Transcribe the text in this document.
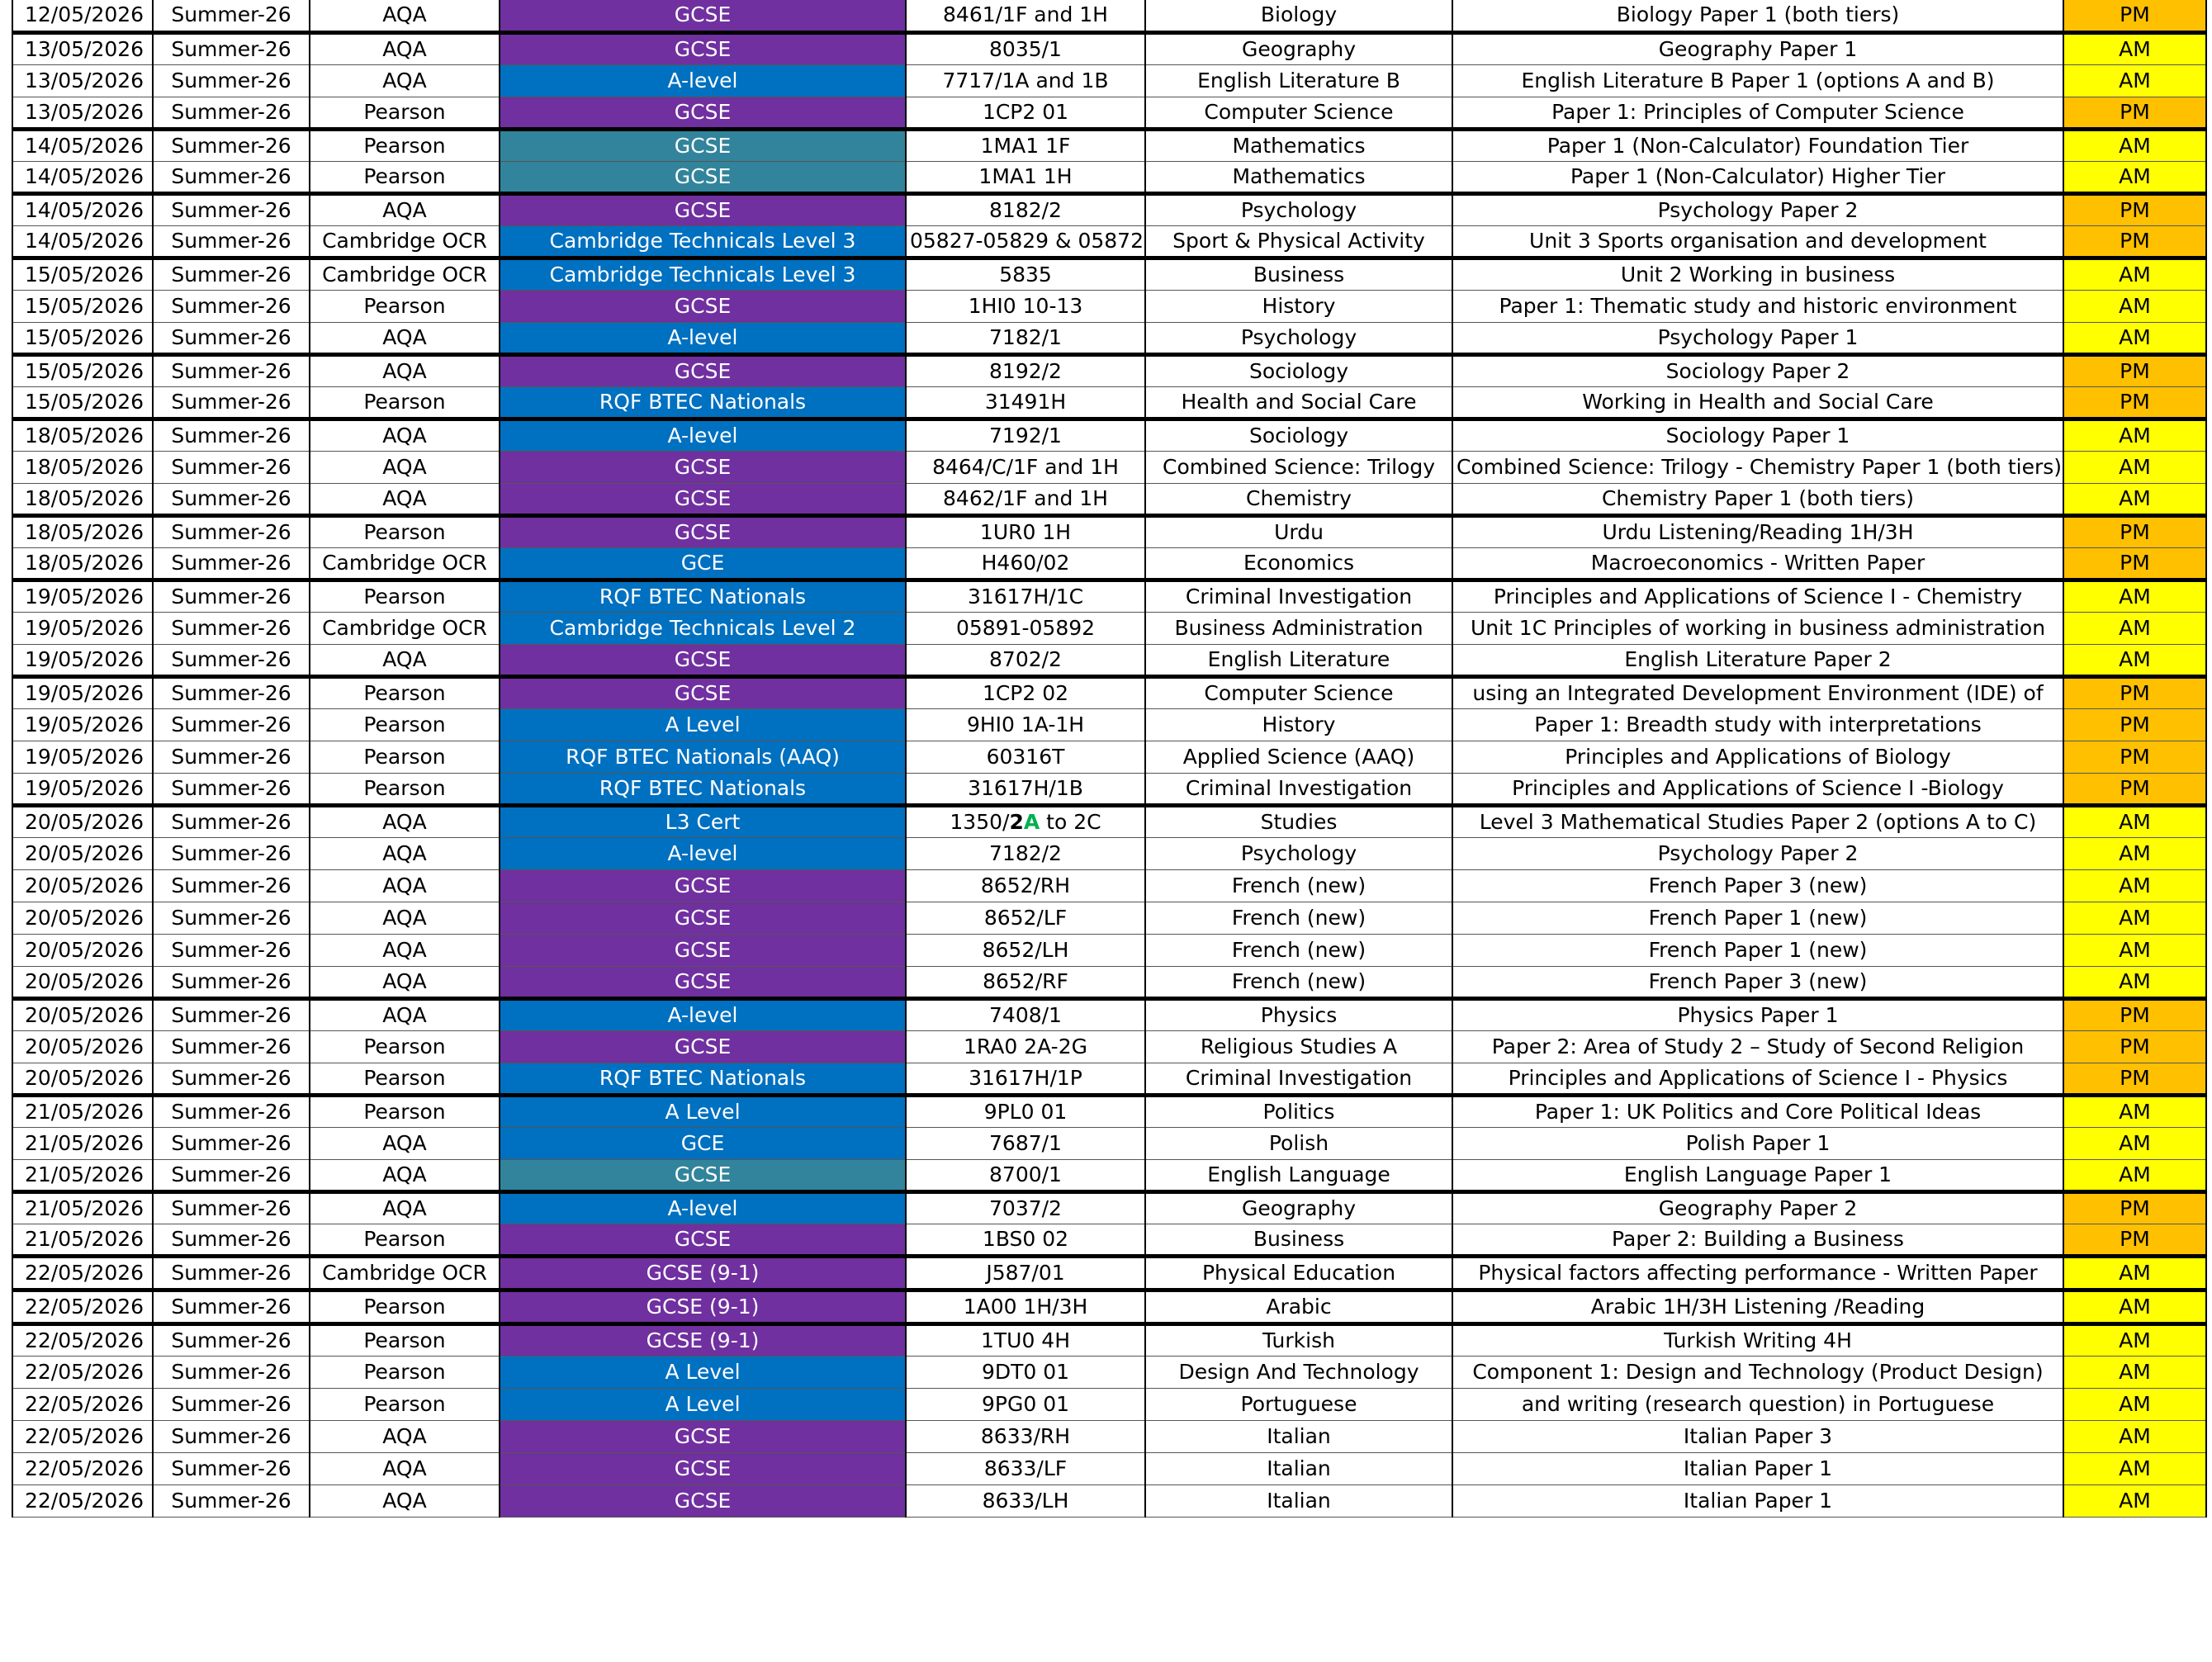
12/05/2026	Summer-26	AQA	GCSE	8461/1F and 1H	Biology	Biology Paper 1 (both tiers)	PM
13/05/2026	Summer-26	AQA	GCSE	8035/1	Geography	Geography Paper 1	AM
13/05/2026	Summer-26	AQA	A-level	7717/1A and 1B	English Literature B	English Literature B Paper 1 (options A and B)	AM
13/05/2026	Summer-26	Pearson	GCSE	1CP2 01	Computer Science	Paper 1: Principles of Computer Science	PM
14/05/2026	Summer-26	Pearson	GCSE	1MA1 1F	Mathematics	Paper 1 (Non-Calculator) Foundation Tier	AM
14/05/2026	Summer-26	Pearson	GCSE	1MA1 1H	Mathematics	Paper 1 (Non-Calculator) Higher Tier	AM
14/05/2026	Summer-26	AQA	GCSE	8182/2	Psychology	Psychology Paper 2	PM
14/05/2026	Summer-26	Cambridge OCR	Cambridge Technicals Level 3	05827-05829 & 05872	Sport & Physical Activity	Unit 3 Sports organisation and development	PM
15/05/2026	Summer-26	Cambridge OCR	Cambridge Technicals Level 3	5835	Business	Unit 2 Working in business	AM
15/05/2026	Summer-26	Pearson	GCSE	1HI0 10-13	History	Paper 1: Thematic study and historic environment	AM
15/05/2026	Summer-26	AQA	A-level	7182/1	Psychology	Psychology Paper 1	AM
15/05/2026	Summer-26	AQA	GCSE	8192/2	Sociology	Sociology Paper 2	PM
15/05/2026	Summer-26	Pearson	RQF BTEC Nationals	31491H	Health and Social Care	Working in Health and Social Care	PM
18/05/2026	Summer-26	AQA	A-level	7192/1	Sociology	Sociology Paper 1	AM
18/05/2026	Summer-26	AQA	GCSE	8464/C/1F and 1H	Combined Science: Trilogy	Combined Science: Trilogy - Chemistry Paper 1 (both tiers)	AM
18/05/2026	Summer-26	AQA	GCSE	8462/1F and 1H	Chemistry	Chemistry Paper 1 (both tiers)	AM
18/05/2026	Summer-26	Pearson	GCSE	1UR0 1H	Urdu	Urdu Listening/Reading 1H/3H	PM
18/05/2026	Summer-26	Cambridge OCR	GCE	H460/02	Economics	Macroeconomics - Written Paper	PM
19/05/2026	Summer-26	Pearson	RQF BTEC Nationals	31617H/1C	Criminal Investigation	Principles and Applications of Science I - Chemistry	AM
19/05/2026	Summer-26	Cambridge OCR	Cambridge Technicals Level 2	05891-05892	Business Administration	Unit 1C Principles of working in business administration	AM
19/05/2026	Summer-26	AQA	GCSE	8702/2	English Literature	English Literature Paper 2	AM
19/05/2026	Summer-26	Pearson	GCSE	1CP2 02	Computer Science	using an Integrated Development Environment (IDE) of	PM
19/05/2026	Summer-26	Pearson	A Level	9HI0 1A-1H	History	Paper 1: Breadth study with interpretations	PM
19/05/2026	Summer-26	Pearson	RQF BTEC Nationals (AAQ)	60316T	Applied Science (AAQ)	Principles and Applications of Biology	PM
19/05/2026	Summer-26	Pearson	RQF BTEC Nationals	31617H/1B	Criminal Investigation	Principles and Applications of Science I -Biology	PM
20/05/2026	Summer-26	AQA	L3 Cert	1350/2A to 2C	Studies	Level 3 Mathematical Studies Paper 2 (options A to C)	AM
20/05/2026	Summer-26	AQA	A-level	7182/2	Psychology	Psychology Paper 2	AM
20/05/2026	Summer-26	AQA	GCSE	8652/RH	French (new)	French Paper 3 (new)	AM
20/05/2026	Summer-26	AQA	GCSE	8652/LF	French (new)	French Paper 1 (new)	AM
20/05/2026	Summer-26	AQA	GCSE	8652/LH	French (new)	French Paper 1 (new)	AM
20/05/2026	Summer-26	AQA	GCSE	8652/RF	French (new)	French Paper 3 (new)	AM
20/05/2026	Summer-26	AQA	A-level	7408/1	Physics	Physics Paper 1	PM
20/05/2026	Summer-26	Pearson	GCSE	1RA0 2A-2G	Religious Studies A	Paper 2: Area of Study 2 – Study of Second Religion	PM
20/05/2026	Summer-26	Pearson	RQF BTEC Nationals	31617H/1P	Criminal Investigation	Principles and Applications of Science I - Physics	PM
21/05/2026	Summer-26	Pearson	A Level	9PL0 01	Politics	Paper 1: UK Politics and Core Political Ideas	AM
21/05/2026	Summer-26	AQA	GCE	7687/1	Polish	Polish Paper 1	AM
21/05/2026	Summer-26	AQA	GCSE	8700/1	English Language	English Language Paper 1	AM
21/05/2026	Summer-26	AQA	A-level	7037/2	Geography	Geography Paper 2	PM
21/05/2026	Summer-26	Pearson	GCSE	1BS0 02	Business	Paper 2: Building a Business	PM
22/05/2026	Summer-26	Cambridge OCR	GCSE (9-1)	J587/01	Physical Education	Physical factors affecting performance - Written Paper	AM
22/05/2026	Summer-26	Pearson	GCSE (9-1)	1A00 1H/3H	Arabic	Arabic 1H/3H Listening /Reading	AM
22/05/2026	Summer-26	Pearson	GCSE (9-1)	1TU0 4H	Turkish	Turkish Writing 4H	AM
22/05/2026	Summer-26	Pearson	A Level	9DT0 01	Design And Technology	Component 1: Design and Technology (Product Design)	AM
22/05/2026	Summer-26	Pearson	A Level	9PG0 01	Portuguese	and writing (research question) in Portuguese	AM
22/05/2026	Summer-26	AQA	GCSE	8633/RH	Italian	Italian Paper 3	AM
22/05/2026	Summer-26	AQA	GCSE	8633/LF	Italian	Italian Paper 1	AM
22/05/2026	Summer-26	AQA	GCSE	8633/LH	Italian	Italian Paper 1	AM
